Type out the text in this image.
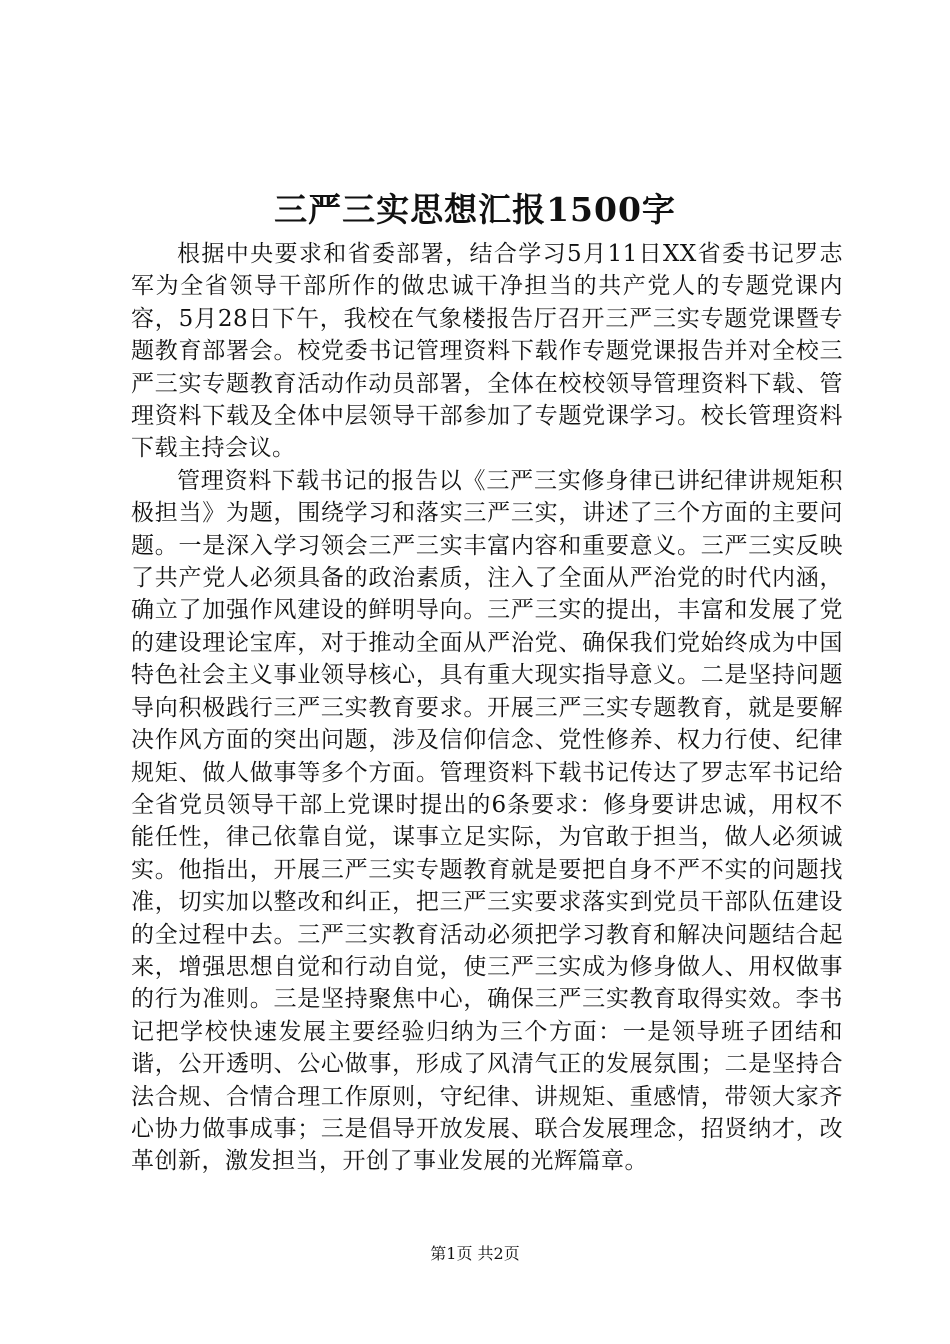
三严三实思想汇报1500字

根据中央要求和省委部署，结合学习5月11日XX省委书记罗志军为全省领导干部所作的做忠诚干净担当的共产党人的专题党课内容，5月28日下午，我校在气象楼报告厅召开三严三实专题党课暨专题教育部署会。校党委书记管理资料下载作专题党课报告并对全校三严三实专题教育活动作动员部署，全体在校校领导管理资料下载、管理资料下载及全体中层领导干部参加了专题党课学习。校长管理资料下载主持会议。

管理资料下载书记的报告以《三严三实修身律已讲纪律讲规矩积极担当》为题，围绕学习和落实三严三实，讲述了三个方面的主要问题。一是深入学习领会三严三实丰富内容和重要意义。三严三实反映了共产党人必须具备的政治素质，注入了全面从严治党的时代内涵，确立了加强作风建设的鲜明导向。三严三实的提出，丰富和发展了党的建设理论宝库，对于推动全面从严治党、确保我们党始终成为中国特色社会主义事业领导核心，具有重大现实指导意义。二是坚持问题导向积极践行三严三实教育要求。开展三严三实专题教育，就是要解决作风方面的突出问题，涉及信仰信念、党性修养、权力行使、纪律规矩、做人做事等多个方面。管理资料下载书记传达了罗志军书记给全省党员领导干部上党课时提出的6条要求：修身要讲忠诚，用权不能任性，律己依靠自觉，谋事立足实际，为官敢于担当，做人必须诚实。他指出，开展三严三实专题教育就是要把自身不严不实的问题找准，切实加以整改和纠正，把三严三实要求落实到党员干部队伍建设的全过程中去。三严三实教育活动必须把学习教育和解决问题结合起来，增强思想自觉和行动自觉，使三严三实成为修身做人、用权做事的行为准则。三是坚持聚焦中心，确保三严三实教育取得实效。李书记把学校快速发展主要经验归纳为三个方面：一是领导班子团结和谐，公开透明、公心做事，形成了风清气正的发展氛围；二是坚持合法合规、合情合理工作原则，守纪律、讲规矩、重感情，带领大家齐心协力做事成事；三是倡导开放发展、联合发展理念，招贤纳才，改革创新，激发担当，开创了事业发展的光辉篇章。

第1页 共2页
